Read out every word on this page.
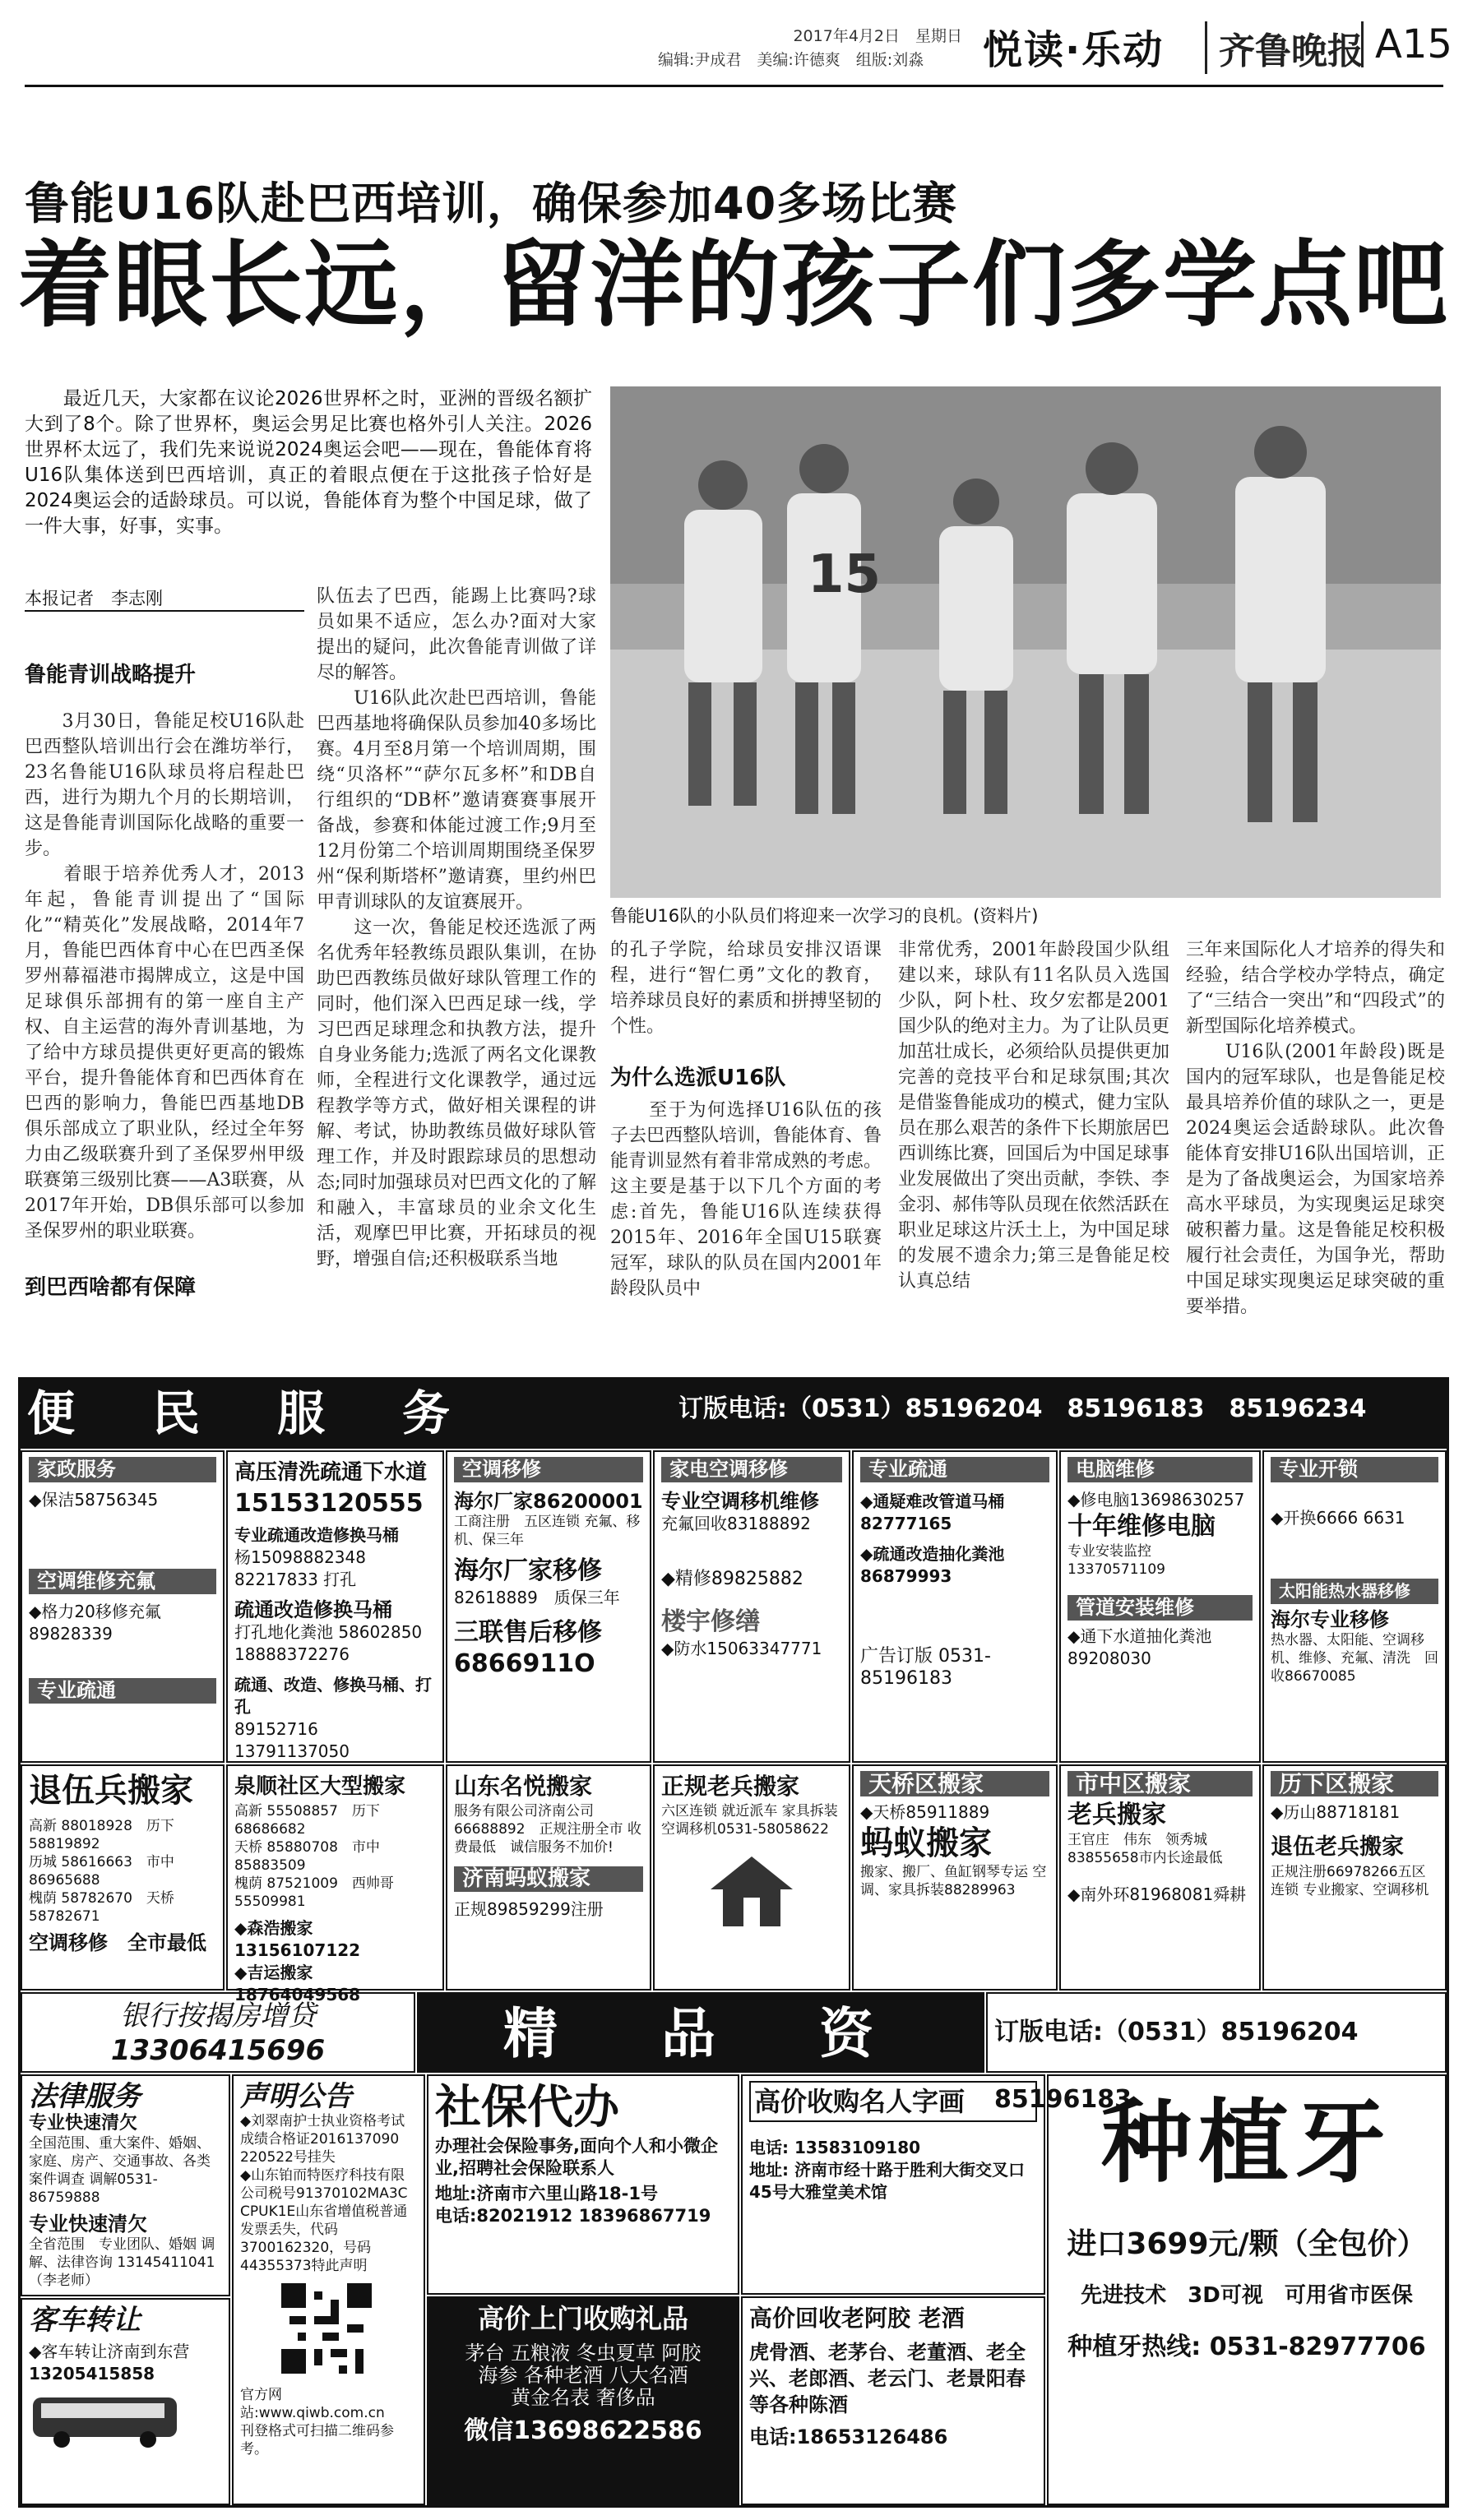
2017年4月2日　星期日
编辑:尹成君　美编:许德爽　组版:刘淼 悦读·乐动	齐鲁晚报 A15
鲁能U16队赴巴西培训，确保参加40多场比赛
着眼长远，留洋的孩子们多学点吧
　　最近几天，大家都在议论2026世界杯之时，亚洲的晋级名额扩大到了8个。除了世界杯，奥运会男足比赛也格外引人关注。2026世界杯太远了，我们先来说说2024奥运会吧——现在，鲁能体育将U16队集体送到巴西培训，真正的着眼点便在于这批孩子恰好是2024奥运会的适龄球员。可以说，鲁能体育为整个中国足球，做了一件大事，好事，实事。
本报记者　李志刚
鲁能青训战略提升
　　3月30日，鲁能足校U16队赴巴西整队培训出行会在潍坊举行，23名鲁能U16队球员将启程赴巴西，进行为期九个月的长期培训，这是鲁能青训国际化战略的重要一步。
　　着眼于培养优秀人才，2013年起，鲁能青训提出了“国际化”“精英化”发展战略，2014年7月，鲁能巴西体育中心在巴西圣保罗州幕福港市揭牌成立，这是中国足球俱乐部拥有的第一座自主产权、自主运营的海外青训基地，为了给中方球员提供更好更高的锻炼平台，提升鲁能体育和巴西体育在巴西的影响力，鲁能巴西基地DB俱乐部成立了职业队，经过全年努力由乙级联赛升到了圣保罗州甲级联赛第三级别比赛——A3联赛，从2017年开始，DB俱乐部可以参加圣保罗州的职业联赛。
到巴西啥都有保障
队伍去了巴西，能踢上比赛吗?球员如果不适应，怎么办?面对大家提出的疑问，此次鲁能青训做了详尽的解答。
　　U16队此次赴巴西培训，鲁能巴西基地将确保队员参加40多场比赛。4月至8月第一个培训周期，围绕“贝洛杯”“萨尔瓦多杯”和DB自行组织的“DB杯”邀请赛赛事展开备战，参赛和体能过渡工作;9月至12月份第二个培训周期围绕圣保罗州“保利斯塔杯”邀请赛，里约州巴甲青训球队的友谊赛展开。
　　这一次，鲁能足校还选派了两名优秀年轻教练员跟队集训，在协助巴西教练员做好球队管理工作的同时，他们深入巴西足球一线，学习巴西足球理念和执教方法，提升自身业务能力;选派了两名文化课教师，全程进行文化课教学，通过远程教学等方式，做好相关课程的讲解、考试，协助教练员做好球队管理工作，并及时跟踪球员的思想动态;同时加强球员对巴西文化的了解和融入，丰富球员的业余文化生活，观摩巴甲比赛，开拓球员的视野，增强自信;还积极联系当地
15
鲁能U16队的小队员们将迎来一次学习的良机。(资料片)
的孔子学院，给球员安排汉语课程，进行“智仁勇”文化的教育，培养球员良好的素质和拼搏坚韧的个性。
为什么选派U16队
　　至于为何选择U16队伍的孩子去巴西整队培训，鲁能体育、鲁能青训显然有着非常成熟的考虑。这主要是基于以下几个方面的考虑:首先，鲁能U16队连续获得2015年、2016年全国U15联赛冠军，球队的队员在国内2001年龄段队员中
非常优秀，2001年龄段国少队组建以来，球队有11名队员入选国少队，阿卜杜、玫夕宏都是2001国少队的绝对主力。为了让队员更加茁壮成长，必须给队员提供更加完善的竞技平台和足球氛围;其次是借鉴鲁能成功的模式，健力宝队员在那么艰苦的条件下长期旅居巴西训练比赛，回国后为中国足球事业发展做出了突出贡献，李铁、李金羽、郝伟等队员现在依然活跃在职业足球这片沃土上，为中国足球的发展不遗余力;第三是鲁能足校认真总结
三年来国际化人才培养的得失和经验，结合学校办学特点，确定了“三结合一突出”和“四段式”的新型国际化培养模式。
　　U16队(2001年龄段)既是国内的冠军球队，也是鲁能足校最具培养价值的球队之一，更是2024奥运会适龄球队。此次鲁能体育安排U16队出国培训，正是为了备战奥运会，为国家培养高水平球员，为实现奥运足球突破积蓄力量。这是鲁能足校积极履行社会责任，为国争光，帮助中国足球实现奥运足球突破的重要举措。
便　民　服　务	订版电话:（0531）85196204　85196183　85196234
家政服务
◆保洁58756345
空调维修充氟
◆格力20移修充氟 89828339
专业疏通
高压清洗疏通下水道
15153120555
专业疏通改造修换马桶
杨15098882348 82217833 打孔
疏通改造修换马桶
打孔地化粪池 58602850 18888372276
疏通、改造、修换马桶、打孔
89152716 13791137050
空调移修
海尔厂家86200001
工商注册　五区连锁 充氟、移机、保三年
海尔厂家移修
82618889　质保三年
三联售后移修
6866911O
家电空调移修
专业空调移机维修
充氟回收83188892
◆精修89825882
楼宇修缮
◆防水15063347771
专业疏通
◆通疑难改管道马桶 82777165
◆疏通改造抽化粪池 86879993
广告订版 0531-85196183
电脑维修
◆修电脑13698630257
十年维修电脑
专业安装监控 13370571109
管道安装维修
◆通下水道抽化粪池89208030
专业开锁
◆开换6666 6631
太阳能热水器移修
海尔专业移修
热水器、太阳能、空调移机、维修、充氟、清洗　回收86670085
退伍兵搬家
高新 88018928　历下 58819892
历城 58616663　市中 86965688
槐荫 58782670　天桥 58782671
空调移修　全市最低
泉顺社区大型搬家
高新 55508857　历下 68686682
天桥 85880708　市中 85883509
槐荫 87521009　西帅哥 55509981
◆森浩搬家13156107122
◆吉运搬家18764049568
山东名悦搬家
服务有限公司济南公司 66688892　正规注册全市 收费最低　诚信服务不加价!
济南蚂蚁搬家
正规89859299注册
正规老兵搬家
六区连锁 就近派车 家具拆装 空调移机0531-58058622
天桥区搬家
◆天桥85911889
蚂蚁搬家
搬家、搬厂、鱼缸钢琴专运 空调、家具拆装88289963
市中区搬家
老兵搬家
王官庄　伟东　领秀城 83855658市内长途最低
◆南外环81968081舜耕
历下区搬家
◆历山88718181
退伍老兵搬家
正规注册66978266五区连锁 专业搬家、空调移机
银行按揭房增贷
13306415696	精　品　资　讯
订版电话:（0531）85196204　85196183
法律服务
专业快速清欠
全国范围、重大案件、婚姻、家庭、房产、交通事故、各类案件调查 调解0531-86759888
专业快速清欠
全省范围　专业团队、婚姻 调解、法律咨询 13145411041（李老师）
客车转让
◆客车转让济南到东营
13205415858
声明公告
◆刘翠南护士执业资格考试成绩合格证2016137090 220522号挂失
◆山东铂而特医疗科技有限公司税号91370102MA3C CPUK1E山东省增值税普通发票丢失，代码3700162320，号码44355373特此声明
官方网站:www.qiwb.com.cn
刊登格式可扫描二维码参考。
社保代办
办理社会保险事务,面向个人和小微企业,招聘社会保险联系人
地址:济南市六里山路18-1号
电话:82021912 18396867719
高价收购名人字画
电话: 13583109180
地址: 济南市经十路于胜利大街交叉口45号大雅堂美术馆
高价上门收购礼品
茅台 五粮液 冬虫夏草 阿胶
海参 各种老酒 八大名酒
黄金名表 奢侈品
微信13698622586
高价回收老阿胶 老酒
虎骨酒、老茅台、老董酒、老全兴、老郎酒、老云门、老景阳春等各种陈酒
电话:18653126486
种植牙
进口3699元/颗（全包价）
先进技术　3D可视　可用省市医保
种植牙热线: 0531-82977706
